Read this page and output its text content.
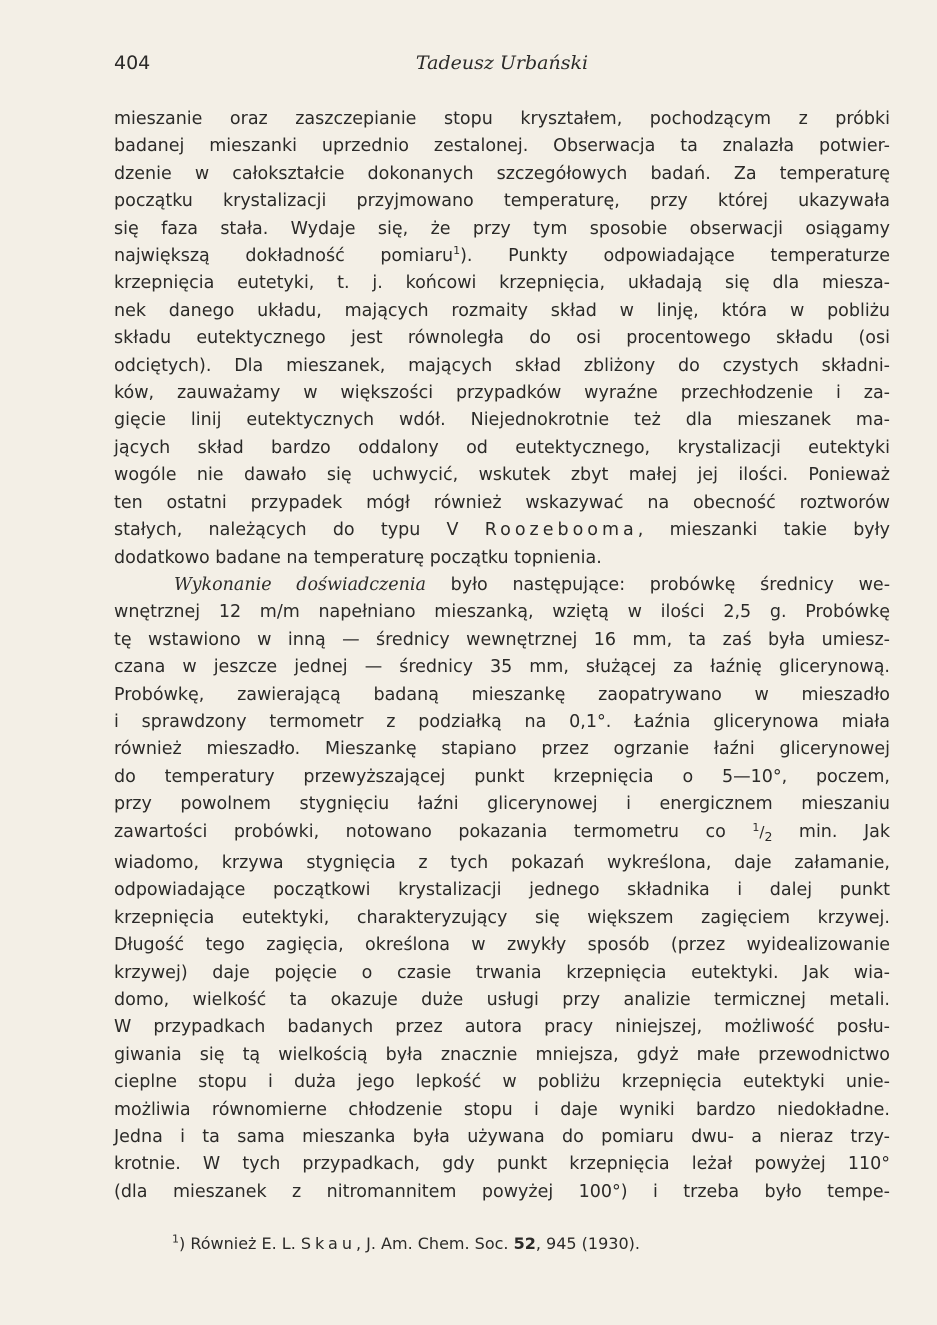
404	Tadeusz Urbański

mieszanie oraz zaszczepianie stopu kryształem, pochodzącym z próbki
badanej mieszanki uprzednio zestalonej. Obserwacja ta znalazła potwier-
dzenie w całokształcie dokonanych szczegółowych badań. Za temperaturę
początku krystalizacji przyjmowano temperaturę, przy której ukazywała
się faza stała. Wydaje się, że przy tym sposobie obserwacji osiągamy
największą dokładność pomiaru$^1$). Punkty odpowiadające temperaturze
krzepnięcia eutetyki, t. j. końcowi krzepnięcia, układają się dla miesza-
nek danego układu, mających rozmaity skład w linję, która w pobliżu
składu eutektycznego jest równoległa do osi procentowego składu (osi
odciętych). Dla mieszanek, mających skład zbliżony do czystych składni-
ków, zauważamy w większości przypadków wyraźne przechłodzenie i za-
gięcie linij eutektycznych wdół. Niejednokrotnie też dla mieszanek ma-
jących skład bardzo oddalony od eutektycznego, krystalizacji eutektyki
wogóle nie dawało się uchwycić, wskutek zbyt małej jej ilości. Ponieważ
ten ostatni przypadek mógł również wskazywać na obecność roztworów
stałych, należących do typu V Roozebooma, mieszanki takie były
dodatkowo badane na temperaturę początku topnienia.

Wykonanie doświadczenia było następujące: probówkę średnicy we-
wnętrznej 12 m/m napełniano mieszanką, wziętą w ilości 2,5 g. Probówkę
tę wstawiono w inną — średnicy wewnętrznej 16 mm, ta zaś była umiesz-
czana w jeszcze jednej — średnicy 35 mm, służącej za łaźnię glicerynową.
Probówkę, zawierającą badaną mieszankę zaopatrywano w mieszadło
i sprawdzony termometr z podziałką na 0,1°. Łaźnia glicerynowa miała
również mieszadło. Mieszankę stapiano przez ogrzanie łaźni glicerynowej
do temperatury przewyższającej punkt krzepnięcia o 5—10°, poczem,
przy powolnem stygnięciu łaźni glicerynowej i energicznem mieszaniu
zawartości probówki, notowano pokazania termometru co $^1/_2$ min. Jak
wiadomo, krzywa stygnięcia z tych pokazań wykreślona, daje załamanie,
odpowiadające początkowi krystalizacji jednego składnika i dalej punkt
krzepnięcia eutektyki, charakteryzujący się większem zagięciem krzywej.
Długość tego zagięcia, określona w zwykły sposób (przez wyidealizowanie
krzywej) daje pojęcie o czasie trwania krzepnięcia eutektyki. Jak wia-
domo, wielkość ta okazuje duże usługi przy analizie termicznej metali.
W przypadkach badanych przez autora pracy niniejszej, możliwość posłu-
giwania się tą wielkością była znacznie mniejsza, gdyż małe przewodnictwo
cieplne stopu i duża jego lepkość w pobliżu krzepnięcia eutektyki unie-
możliwia równomierne chłodzenie stopu i daje wyniki bardzo niedokładne.
Jedna i ta sama mieszanka była używana do pomiaru dwu- a nieraz trzy-
krotnie. W tych przypadkach, gdy punkt krzepnięcia leżał powyżej 110°
(dla mieszanek z nitromannitem powyżej 100°) i trzeba było tempe-

$^1$) Również E. L. Skau, J. Am. Chem. Soc. 52, 945 (1930).
